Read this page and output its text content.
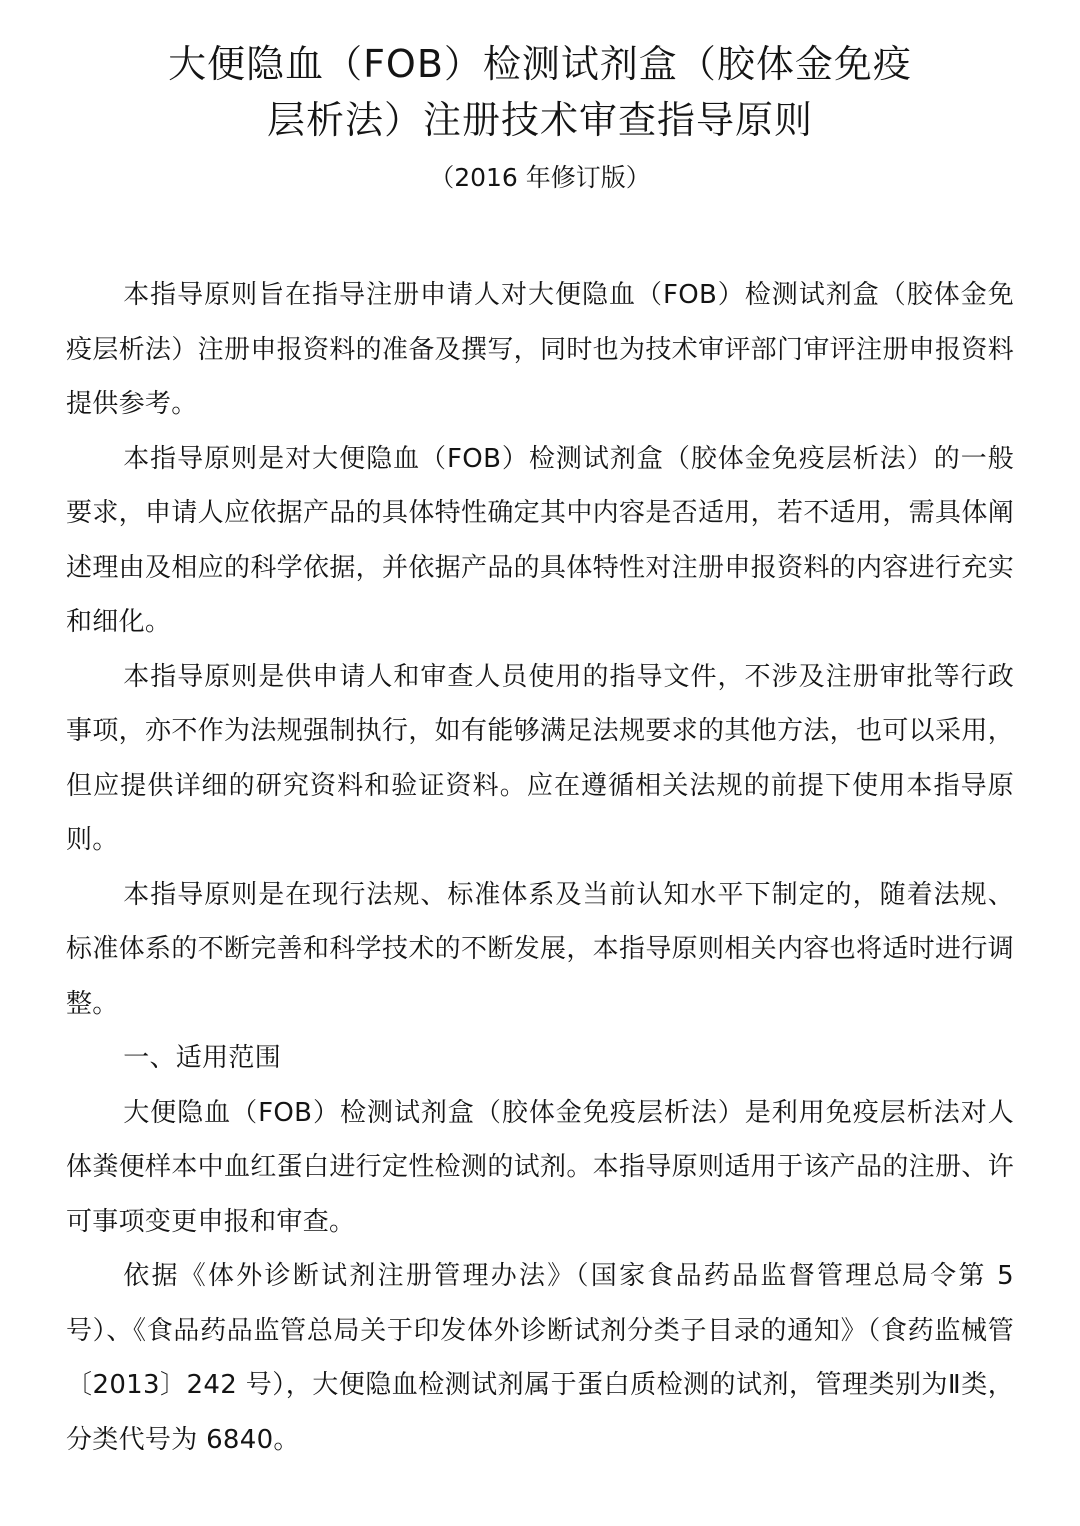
大便隐血（FOB）检测试剂盒（胶体金免疫
层析法）注册技术审查指导原则
（2016 年修订版）

本指导原则旨在指导注册申请人对大便隐血（FOB）检测试剂盒（胶体金免疫层析法）注册申报资料的准备及撰写，同时也为技术审评部门审评注册申报资料提供参考。

本指导原则是对大便隐血（FOB）检测试剂盒（胶体金免疫层析法）的一般要求，申请人应依据产品的具体特性确定其中内容是否适用，若不适用，需具体阐述理由及相应的科学依据，并依据产品的具体特性对注册申报资料的内容进行充实和细化。

本指导原则是供申请人和审查人员使用的指导文件，不涉及注册审批等行政事项，亦不作为法规强制执行，如有能够满足法规要求的其他方法，也可以采用，但应提供详细的研究资料和验证资料。应在遵循相关法规的前提下使用本指导原则。

本指导原则是在现行法规、标准体系及当前认知水平下制定的，随着法规、标准体系的不断完善和科学技术的不断发展，本指导原则相关内容也将适时进行调整。

一、适用范围

大便隐血（FOB）检测试剂盒（胶体金免疫层析法）是利用免疫层析法对人体粪便样本中血红蛋白进行定性检测的试剂。本指导原则适用于该产品的注册、许可事项变更申报和审查。

依据《体外诊断试剂注册管理办法》（国家食品药品监督管理总局令第 5 号）、《食品药品监管总局关于印发体外诊断试剂分类子目录的通知》（食药监械管〔2013〕242 号），大便隐血检测试剂属于蛋白质检测的试剂，管理类别为Ⅱ类，分类代号为 6840。
